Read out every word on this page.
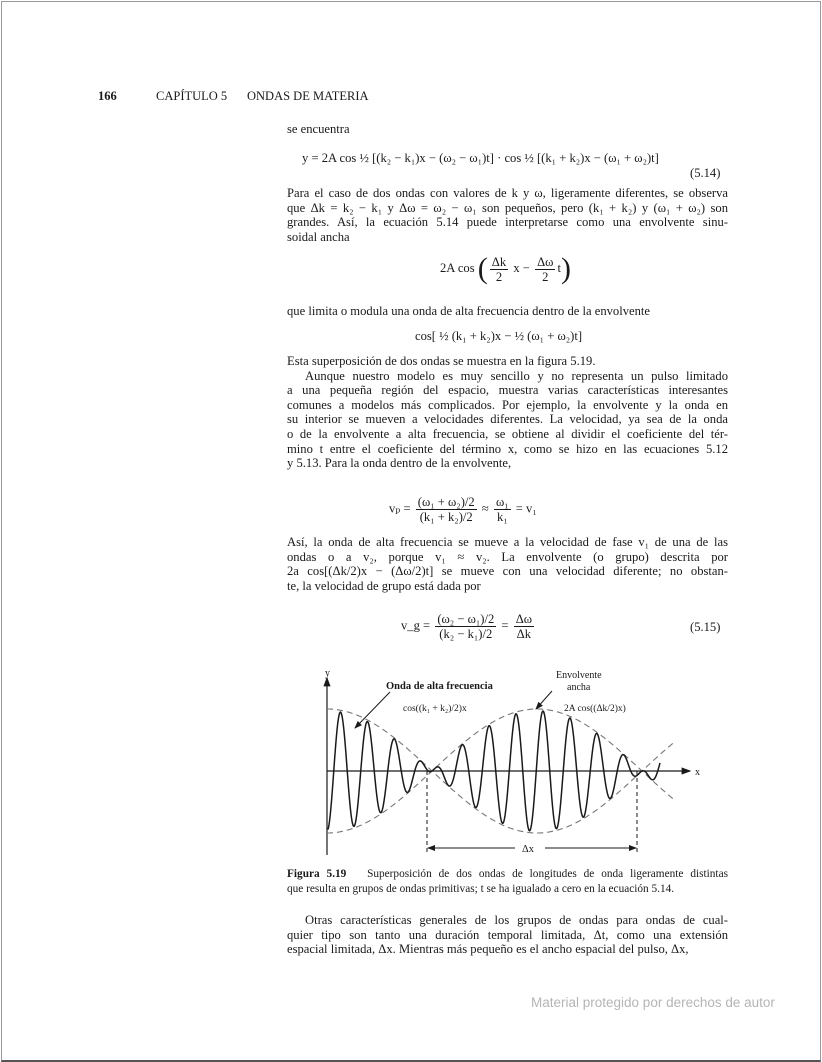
166	CAPÍTULO 5 ONDAS DE MATERIA
se encuentra
y = 2A cos ½ [(k₂ − k₁)x − (ω₂ − ω₁)t] · cos ½ [(k₁ + k₂)x − (ω₁ + ω₂)t]
(5.14)
Para el caso de dos ondas con valores de k y ω, ligeramente diferentes, se observa
que Δk = k₂ − k₁ y Δω = ω₂ − ω₁ son pequeños, pero (k₁ + k₂) y (ω₁ + ω₂) son
grandes. Así, la ecuación 5.14 puede interpretarse como una envolvente sinu-
soidal ancha
2A cos ( $\frac{\Delta k}{2}$ $x - \frac{\Delta\omega}{2} t$)
que limita o modula una onda de alta frecuencia dentro de la envolvente
cos[ ½ (k₁ + k₂)x − ½ (ω₁ + ω₂)t]
Esta superposición de dos ondas se muestra en la figura 5.19.
Aunque nuestro modelo es muy sencillo y no representa un pulso limitado
a una pequeña región del espacio, muestra varias características interesantes
comunes a modelos más complicados. Por ejemplo, la envolvente y la onda en
su interior se mueven a velocidades diferentes. La velocidad, ya sea de la onda
o de la envolvente a alta frecuencia, se obtiene al dividir el coeficiente del tér-
mino t entre el coeficiente del término x, como se hizo en las ecuaciones 5.12
y 5.13. Para la onda dentro de la envolvente,
$v_p = \frac{\text{(ω₁ + ω₂)/2}}{\text{(k₁ + k₂)/2}} \approx \frac{\text{ω₁}}{\text{k₁}} = v_1$
Así, la onda de alta frecuencia se mueve a la velocidad de fase v₁ de una de las
ondas o a v₂, porque v₁ ≈ v₂. La envolvente (o grupo) descrita por
2a cos[(Δk/2)x − (Δω/2)t] se mueve con una velocidad diferente; no obstan-
te, la velocidad de grupo está dada por
v_g = $\frac{\text{(ω₂ − ω₁)/2}}{\text{(k₂ − k₁)/2}} = \frac{\Delta\omega}{\Delta k}$	(5.15)
y
x
Δx
Onda de alta frecuencia
cos((k₁ + k₂)/2)x
Envolvente
ancha
2A cos((Δk/2)x)
Figura 5.19 Superposición de dos ondas de longitudes de onda ligeramente distintas
que resulta en grupos de ondas primitivas; t se ha igualado a cero en la ecuación 5.14.
Otras características generales de los grupos de ondas para ondas de cual-
quier tipo son tanto una duración temporal limitada, Δt, como una extensión
espacial limitada, Δx. Mientras más pequeño es el ancho espacial del pulso, Δx,
Material protegido por derechos de autor
